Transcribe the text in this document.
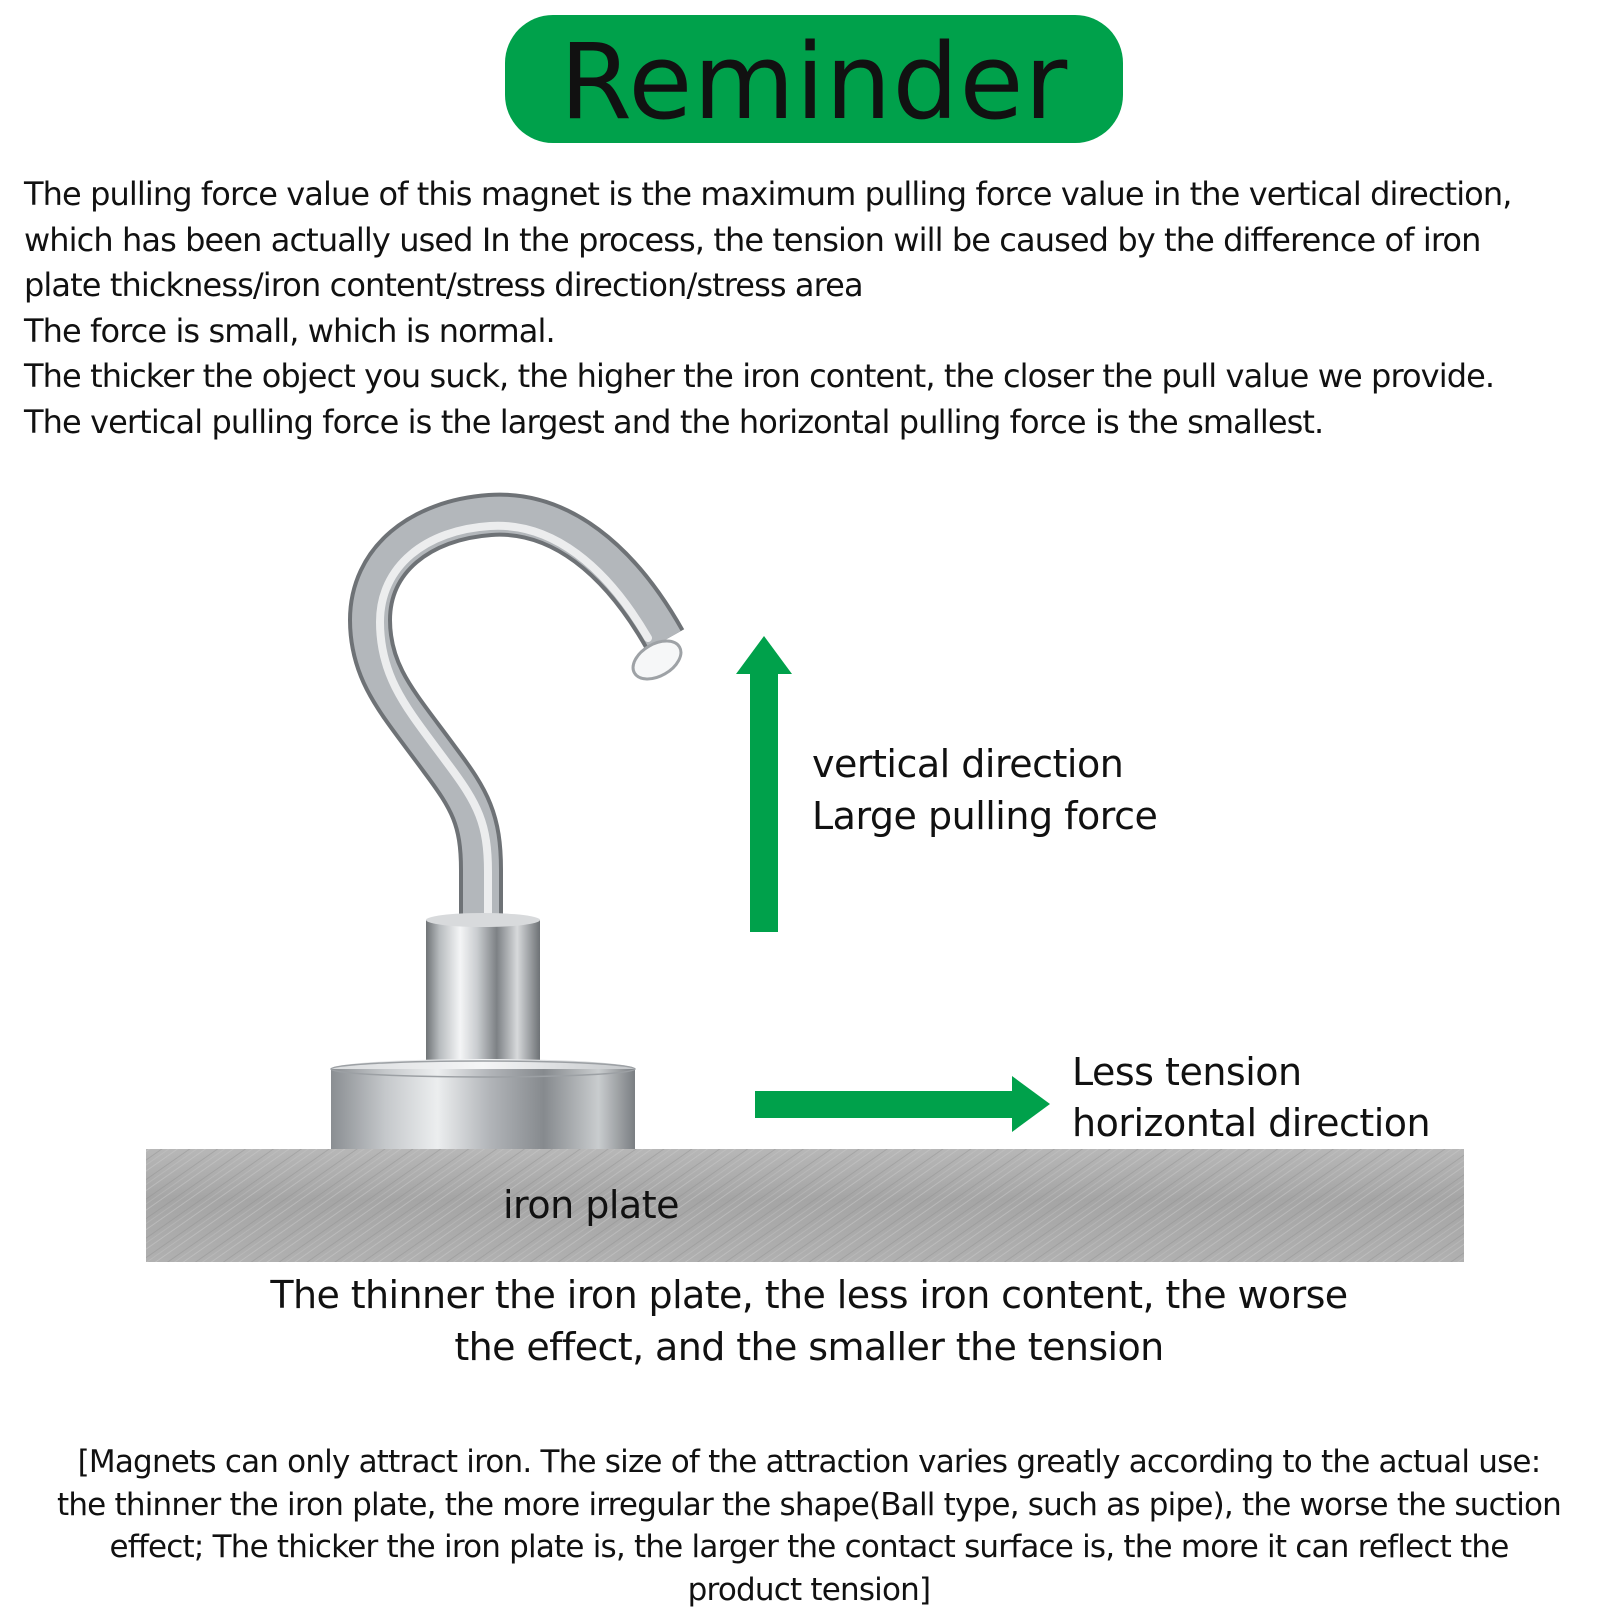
Reminder
The pulling force value of this magnet is the maximum pulling force value in the vertical direction,
which has been actually used In the process, the tension will be caused by the difference of iron
plate thickness/iron content/stress direction/stress area
The force is small, which is normal.
The thicker the object you suck, the higher the iron content, the closer the pull value we provide.
The vertical pulling force is the largest and the horizontal pulling force is the smallest.
vertical direction
Large pulling force
Less tension
horizontal direction
iron plate
The thinner the iron plate, the less iron content, the worse
the effect, and the smaller the tension
[Magnets can only attract iron. The size of the attraction varies greatly according to the actual use:
the thinner the iron plate, the more irregular the shape(Ball type, such as pipe), the worse the suction
effect; The thicker the iron plate is, the larger the contact surface is, the more it can reflect the
product tension]
